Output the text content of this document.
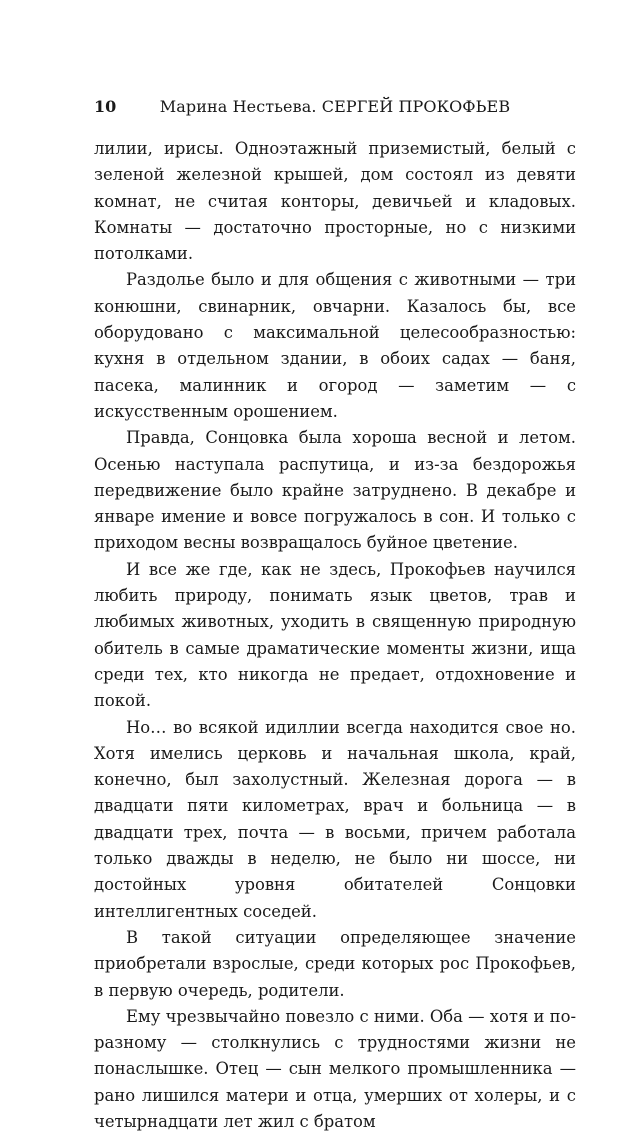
10	Марина Нестьева. СЕРГЕЙ ПРОКОФЬЕВ

лилии, ирисы. Одноэтажный приземистый, белый с зеленой железной крышей, дом состоял из девяти комнат, не считая конторы, девичьей и кладовых. Комнаты — достаточно просторные, но с низкими потолками.

Раздолье было и для общения с животными — три конюшни, свинарник, овчарни. Казалось бы, все оборудовано с максимальной целесообразностью: кухня в отдельном здании, в обоих садах — баня, пасека, малинник и огород — заметим — с искусственным орошением.

Правда, Сонцовка была хороша весной и летом. Осенью наступала распутица, и из-за бездорожья передвижение было крайне затруднено. В декабре и январе имение и вовсе погружалось в сон. И только с приходом весны возвращалось буйное цветение.

И все же где, как не здесь, Прокофьев научился любить природу, понимать язык цветов, трав и любимых животных, уходить в священную природную обитель в самые драматические моменты жизни, ища среди тех, кто никогда не предает, отдохновение и покой.

Но… во всякой идиллии всегда находится свое но. Хотя имелись церковь и начальная школа, край, конечно, был захолустный. Железная дорога — в двадцати пяти километрах, врач и больница — в двадцати трех, почта — в восьми, причем работала только дважды в неделю, не было ни шоссе, ни достойных уровня обитателей Сонцовки интеллигентных соседей.

В такой ситуации определяющее значение приобретали взрослые, среди которых рос Прокофьев, в первую очередь, родители.

Ему чрезвычайно повезло с ними. Оба — хотя и по-разному — столкнулись с трудностями жизни не понаслышке. Отец — сын мелкого промышленника — рано лишился матери и отца, умерших от холеры, и с четырнадцати лет жил с братом
